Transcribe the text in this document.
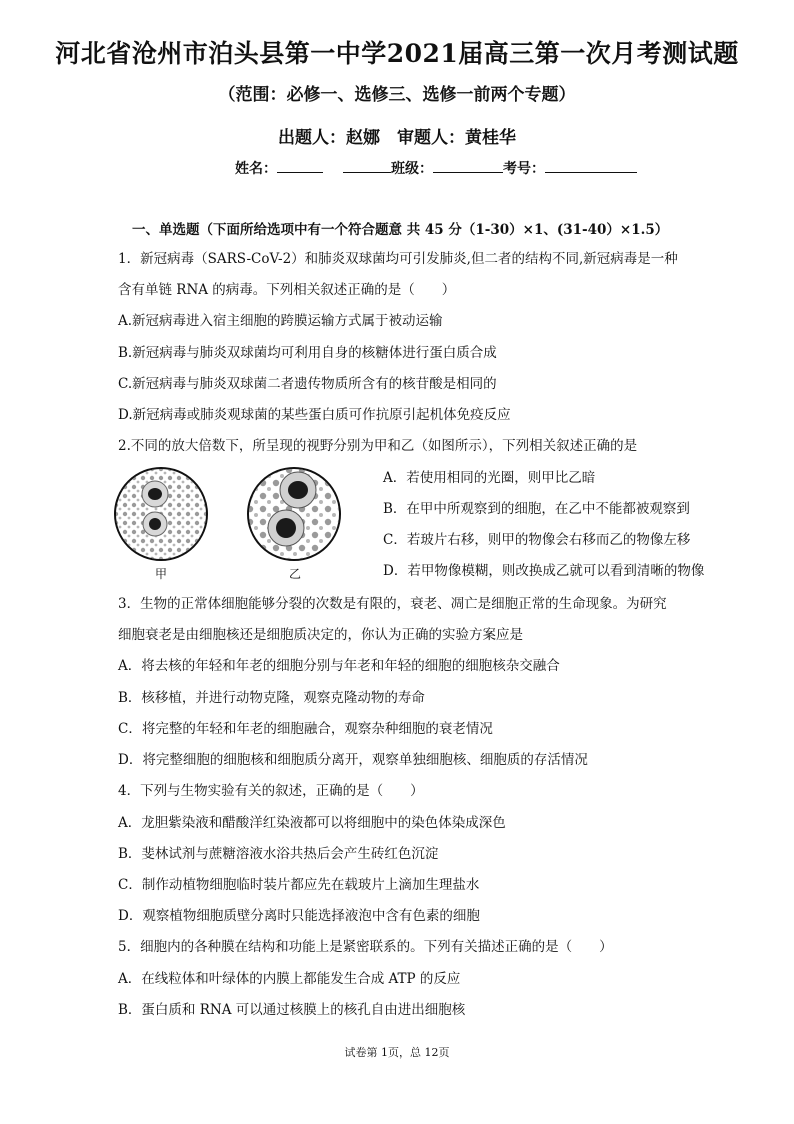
河北省沧州市泊头县第一中学2021届高三第一次月考测试题
（范围：必修一、选修三、选修一前两个专题）
出题人：赵娜　审题人：黄桂华
姓名：	班级：	考号：
一、单选题（下面所给选项中有一个符合题意 共 45 分（1-30）×1、(31-40）×1.5）
1．新冠病毒（SARS-CoV-2）和肺炎双球菌均可引发肺炎,但二者的结构不同,新冠病毒是一种
含有单链 RNA 的病毒。下列相关叙述正确的是（　　）
A.新冠病毒进入宿主细胞的跨膜运输方式属于被动运输
B.新冠病毒与肺炎双球菌均可利用自身的核糖体进行蛋白质合成
C.新冠病毒与肺炎双球菌二者遗传物质所含有的核苷酸是相同的
D.新冠病毒或肺炎观球菌的某些蛋白质可作抗原引起机体免疫反应
2.不同的放大倍数下，所呈现的视野分别为甲和乙（如图所示），下列相关叙述正确的是
甲	乙
A．若使用相同的光圈，则甲比乙暗
B．在甲中所观察到的细胞，在乙中不能都被观察到
C．若玻片右移，则甲的物像会右移而乙的物像左移
D．若甲物像模糊，则改换成乙就可以看到清晰的物像
3．生物的正常体细胞能够分裂的次数是有限的，衰老、凋亡是细胞正常的生命现象。为研究
细胞衰老是由细胞核还是细胞质决定的，你认为正确的实验方案应是
A．将去核的年轻和年老的细胞分别与年老和年轻的细胞的细胞核杂交融合
B．核移植，并进行动物克隆，观察克隆动物的寿命
C．将完整的年轻和年老的细胞融合，观察杂种细胞的衰老情况
D．将完整细胞的细胞核和细胞质分离开，观察单独细胞核、细胞质的存活情况
4．下列与生物实验有关的叙述，正确的是（　　）
A．龙胆紫染液和醋酸洋红染液都可以将细胞中的染色体染成深色
B．斐林试剂与蔗糖溶液水浴共热后会产生砖红色沉淀
C．制作动植物细胞临时装片都应先在载玻片上滴加生理盐水
D．观察植物细胞质壁分离时只能选择液泡中含有色素的细胞
5．细胞内的各种膜在结构和功能上是紧密联系的。下列有关描述正确的是（　　）
A．在线粒体和叶绿体的内膜上都能发生合成 ATP 的反应
B．蛋白质和 RNA 可以通过核膜上的核孔自由进出细胞核
试卷第 1页，总 12页
